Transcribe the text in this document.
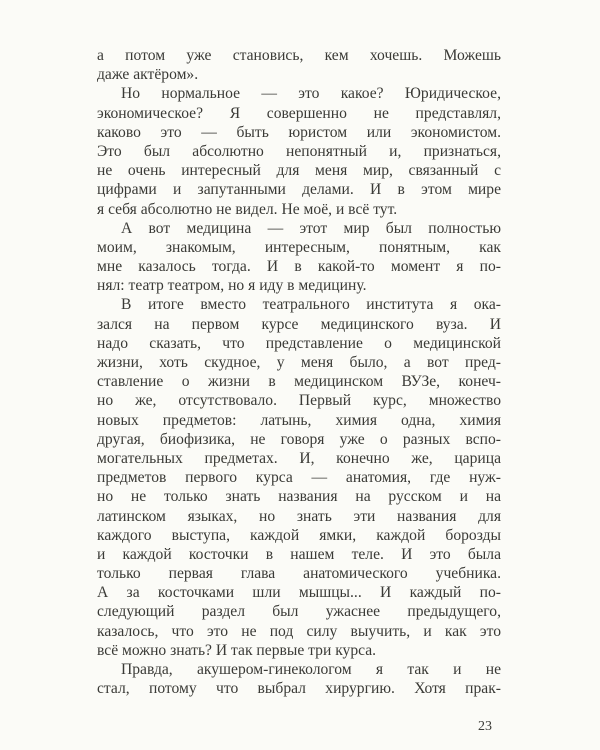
а потом уже становись, кем хочешь. Можешь
даже актёром».
Но нормальное — это какое? Юридическое,
экономическое? Я совершенно не представлял,
каково это — быть юристом или экономистом.
Это был абсолютно непонятный и, признаться,
не очень интересный для меня мир, связанный с
цифрами и запутанными делами. И в этом мире
я себя абсолютно не видел. Не моё, и всё тут.
А вот медицина — этот мир был полностью
моим, знакомым, интересным, понятным, как
мне казалось тогда. И в какой-то момент я по-
нял: театр театром, но я иду в медицину.
В итоге вместо театрального института я ока-
зался на первом курсе медицинского вуза. И
надо сказать, что представление о медицинской
жизни, хоть скудное, у меня было, а вот пред-
ставление о жизни в медицинском ВУЗе, конеч-
но же, отсутствовало. Первый курс, множество
новых предметов: латынь, химия одна, химия
другая, биофизика, не говоря уже о разных вспо-
могательных предметах. И, конечно же, царица
предметов первого курса — анатомия, где нуж-
но не только знать названия на русском и на
латинском языках, но знать эти названия для
каждого выступа, каждой ямки, каждой борозды
и каждой косточки в нашем теле. И это была
только первая глава анатомического учебника.
А за косточками шли мышцы... И каждый по-
следующий раздел был ужаснее предыдущего,
казалось, что это не под силу выучить, и как это
всё можно знать? И так первые три курса.
Правда, акушером-гинекологом я так и не
стал, потому что выбрал хирургию. Хотя прак-
23
